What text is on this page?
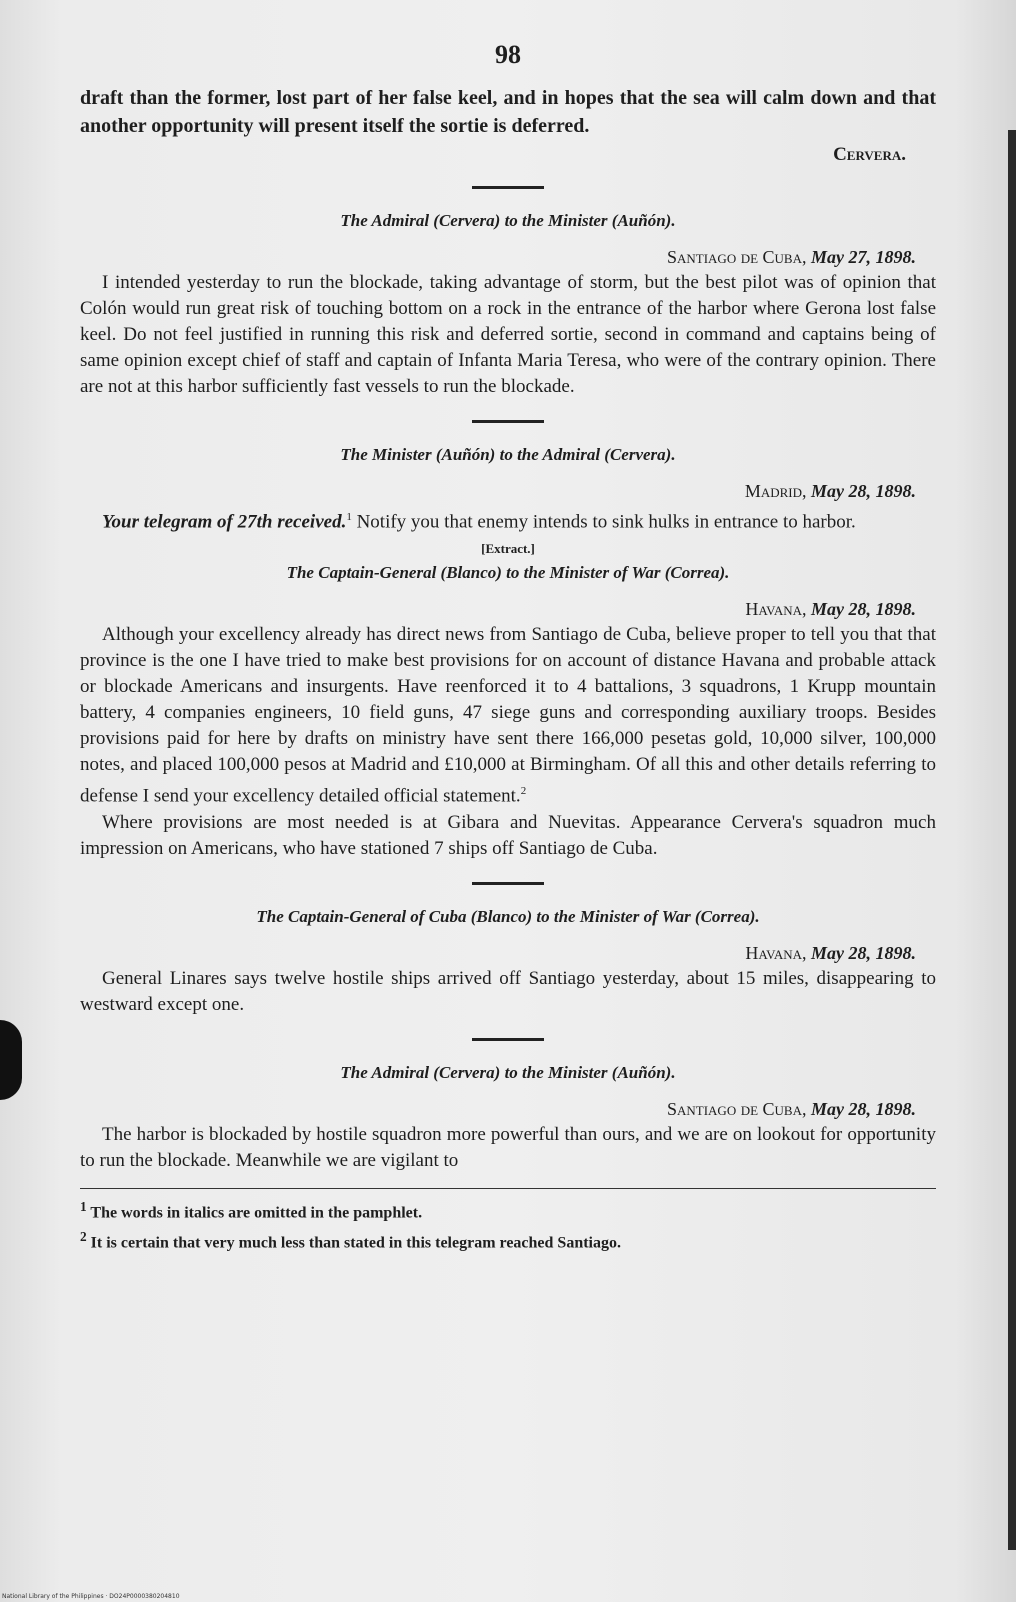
98

draft than the former, lost part of her false keel, and in hopes that the sea will calm down and that another opportunity will present itself the sortie is deferred.

Cervera.
The Admiral (Cervera) to the Minister (Auñón).
Santiago de Cuba, May 27, 1898.

I intended yesterday to run the blockade, taking advantage of storm, but the best pilot was of opinion that Colón would run great risk of touching bottom on a rock in the entrance of the harbor where Gerona lost false keel. Do not feel justified in running this risk and deferred sortie, second in command and captains being of same opinion except chief of staff and captain of Infanta Maria Teresa, who were of the contrary opinion. There are not at this harbor sufficiently fast vessels to run the blockade.

The Minister (Auñón) to the Admiral (Cervera).
Madrid, May 28, 1898.

Your telegram of 27th received.$^1$ Notify you that enemy intends to sink hulks in entrance to harbor.

[Extract.]
The Captain-General (Blanco) to the Minister of War (Correa).
Havana, May 28, 1898.

Although your excellency already has direct news from Santiago de Cuba, believe proper to tell you that that province is the one I have tried to make best provisions for on account of distance Havana and probable attack or blockade Americans and insurgents. Have reenforced it to 4 battalions, 3 squadrons, 1 Krupp mountain battery, 4 companies engineers, 10 field guns, 47 siege guns and corresponding auxiliary troops. Besides provisions paid for here by drafts on ministry have sent there 166,000 pesetas gold, 10,000 silver, 100,000 notes, and placed 100,000 pesos at Madrid and £10,000 at Birmingham. Of all this and other details referring to defense I send your excellency detailed official statement.$^2$

Where provisions are most needed is at Gibara and Nuevitas. Appearance Cervera's squadron much impression on Americans, who have stationed 7 ships off Santiago de Cuba.

The Captain-General of Cuba (Blanco) to the Minister of War (Correa).
Havana, May 28, 1898.

General Linares says twelve hostile ships arrived off Santiago yesterday, about 15 miles, disappearing to westward except one.

The Admiral (Cervera) to the Minister (Auñón).
Santiago de Cuba, May 28, 1898.

The harbor is blockaded by hostile squadron more powerful than ours, and we are on lookout for opportunity to run the blockade. Meanwhile we are vigilant to

$^1$ The words in italics are omitted in the pamphlet.
$^2$ It is certain that very much less than stated in this telegram reached Santiago.
National Library of the Philippines · DO24P0000380204810
